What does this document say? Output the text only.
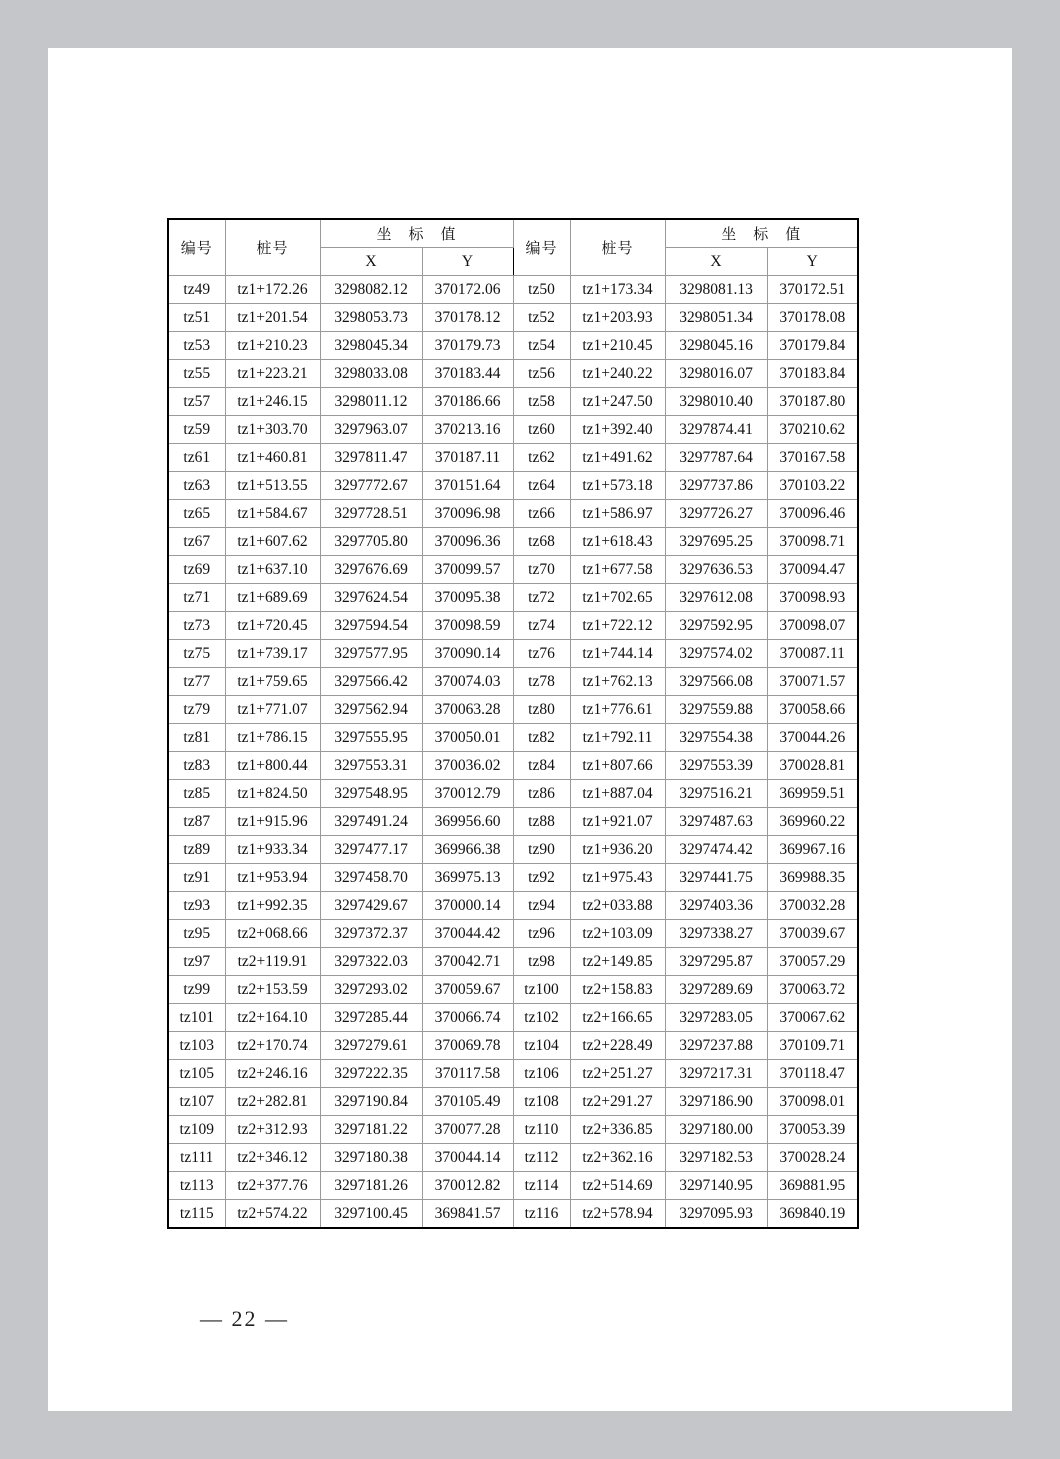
编号	桩号	坐　标　值		编号	桩号	坐　标　值	
		X	Y			X	Y
tz49	tz1+172.26	3298082.12	370172.06	tz50	tz1+173.34	3298081.13	370172.51
tz51	tz1+201.54	3298053.73	370178.12	tz52	tz1+203.93	3298051.34	370178.08
tz53	tz1+210.23	3298045.34	370179.73	tz54	tz1+210.45	3298045.16	370179.84
tz55	tz1+223.21	3298033.08	370183.44	tz56	tz1+240.22	3298016.07	370183.84
tz57	tz1+246.15	3298011.12	370186.66	tz58	tz1+247.50	3298010.40	370187.80
tz59	tz1+303.70	3297963.07	370213.16	tz60	tz1+392.40	3297874.41	370210.62
tz61	tz1+460.81	3297811.47	370187.11	tz62	tz1+491.62	3297787.64	370167.58
tz63	tz1+513.55	3297772.67	370151.64	tz64	tz1+573.18	3297737.86	370103.22
tz65	tz1+584.67	3297728.51	370096.98	tz66	tz1+586.97	3297726.27	370096.46
tz67	tz1+607.62	3297705.80	370096.36	tz68	tz1+618.43	3297695.25	370098.71
tz69	tz1+637.10	3297676.69	370099.57	tz70	tz1+677.58	3297636.53	370094.47
tz71	tz1+689.69	3297624.54	370095.38	tz72	tz1+702.65	3297612.08	370098.93
tz73	tz1+720.45	3297594.54	370098.59	tz74	tz1+722.12	3297592.95	370098.07
tz75	tz1+739.17	3297577.95	370090.14	tz76	tz1+744.14	3297574.02	370087.11
tz77	tz1+759.65	3297566.42	370074.03	tz78	tz1+762.13	3297566.08	370071.57
tz79	tz1+771.07	3297562.94	370063.28	tz80	tz1+776.61	3297559.88	370058.66
tz81	tz1+786.15	3297555.95	370050.01	tz82	tz1+792.11	3297554.38	370044.26
tz83	tz1+800.44	3297553.31	370036.02	tz84	tz1+807.66	3297553.39	370028.81
tz85	tz1+824.50	3297548.95	370012.79	tz86	tz1+887.04	3297516.21	369959.51
tz87	tz1+915.96	3297491.24	369956.60	tz88	tz1+921.07	3297487.63	369960.22
tz89	tz1+933.34	3297477.17	369966.38	tz90	tz1+936.20	3297474.42	369967.16
tz91	tz1+953.94	3297458.70	369975.13	tz92	tz1+975.43	3297441.75	369988.35
tz93	tz1+992.35	3297429.67	370000.14	tz94	tz2+033.88	3297403.36	370032.28
tz95	tz2+068.66	3297372.37	370044.42	tz96	tz2+103.09	3297338.27	370039.67
tz97	tz2+119.91	3297322.03	370042.71	tz98	tz2+149.85	3297295.87	370057.29
tz99	tz2+153.59	3297293.02	370059.67	tz100	tz2+158.83	3297289.69	370063.72
tz101	tz2+164.10	3297285.44	370066.74	tz102	tz2+166.65	3297283.05	370067.62
tz103	tz2+170.74	3297279.61	370069.78	tz104	tz2+228.49	3297237.88	370109.71
tz105	tz2+246.16	3297222.35	370117.58	tz106	tz2+251.27	3297217.31	370118.47
tz107	tz2+282.81	3297190.84	370105.49	tz108	tz2+291.27	3297186.90	370098.01
tz109	tz2+312.93	3297181.22	370077.28	tz110	tz2+336.85	3297180.00	370053.39
tz111	tz2+346.12	3297180.38	370044.14	tz112	tz2+362.16	3297182.53	370028.24
tz113	tz2+377.76	3297181.26	370012.82	tz114	tz2+514.69	3297140.95	369881.95
tz115	tz2+574.22	3297100.45	369841.57	tz116	tz2+578.94	3297095.93	369840.19
— 22 —
